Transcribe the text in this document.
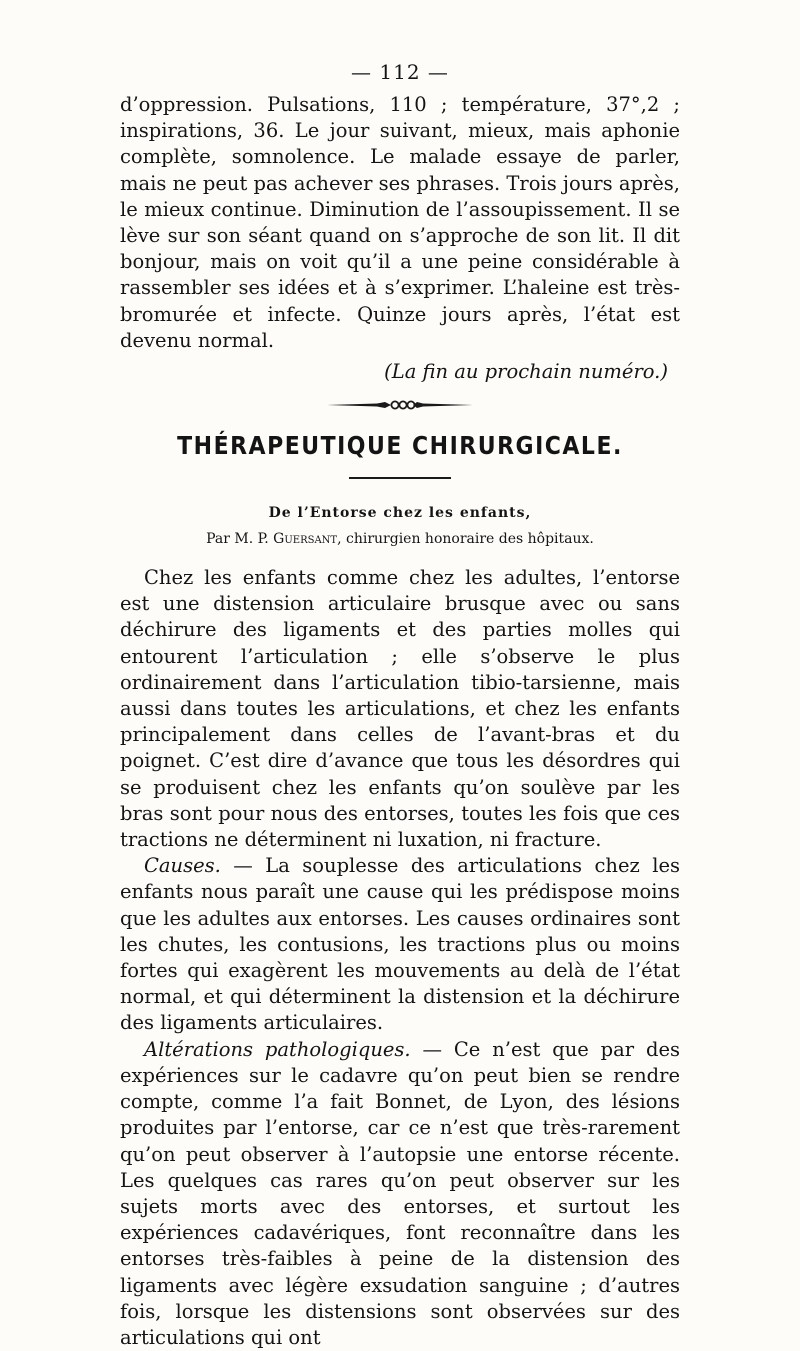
— 112 —

d’oppression. Pulsations, 110 ; température, 37°,2 ; inspirations, 36. Le jour suivant, mieux, mais aphonie complète, somnolence. Le malade essaye de parler, mais ne peut pas achever ses phrases. Trois jours après, le mieux continue. Diminution de l’assoupissement. Il se lève sur son séant quand on s’approche de son lit. Il dit bonjour, mais on voit qu’il a une peine considérable à rassembler ses idées et à s’exprimer. L’haleine est très-bromurée et infecte. Quinze jours après, l’état est devenu normal.

(La fin au prochain numéro.)
THÉRAPEUTIQUE CHIRURGICALE.
De l’Entorse chez les enfants,
Par M. P. Guersant, chirurgien honoraire des hôpitaux.

Chez les enfants comme chez les adultes, l’entorse est une distension articulaire brusque avec ou sans déchirure des ligaments et des parties molles qui entourent l’articulation ; elle s’observe le plus ordinairement dans l’articulation tibio-tarsienne, mais aussi dans toutes les articulations, et chez les enfants principalement dans celles de l’avant-bras et du poignet. C’est dire d’avance que tous les désordres qui se produisent chez les enfants qu’on soulève par les bras sont pour nous des entorses, toutes les fois que ces tractions ne déterminent ni luxation, ni fracture.

Causes. — La souplesse des articulations chez les enfants nous paraît une cause qui les prédispose moins que les adultes aux entorses. Les causes ordinaires sont les chutes, les contusions, les tractions plus ou moins fortes qui exagèrent les mouvements au delà de l’état normal, et qui déterminent la distension et la déchirure des ligaments articulaires.

Altérations pathologiques. — Ce n’est que par des expériences sur le cadavre qu’on peut bien se rendre compte, comme l’a fait Bonnet, de Lyon, des lésions produites par l’entorse, car ce n’est que très-rarement qu’on peut observer à l’autopsie une entorse récente. Les quelques cas rares qu’on peut observer sur les sujets morts avec des entorses, et surtout les expériences cadavériques, font reconnaître dans les entorses très-faibles à peine de la distension des ligaments avec légère exsudation sanguine ; d’autres fois, lorsque les distensions sont observées sur des articulations qui ont
